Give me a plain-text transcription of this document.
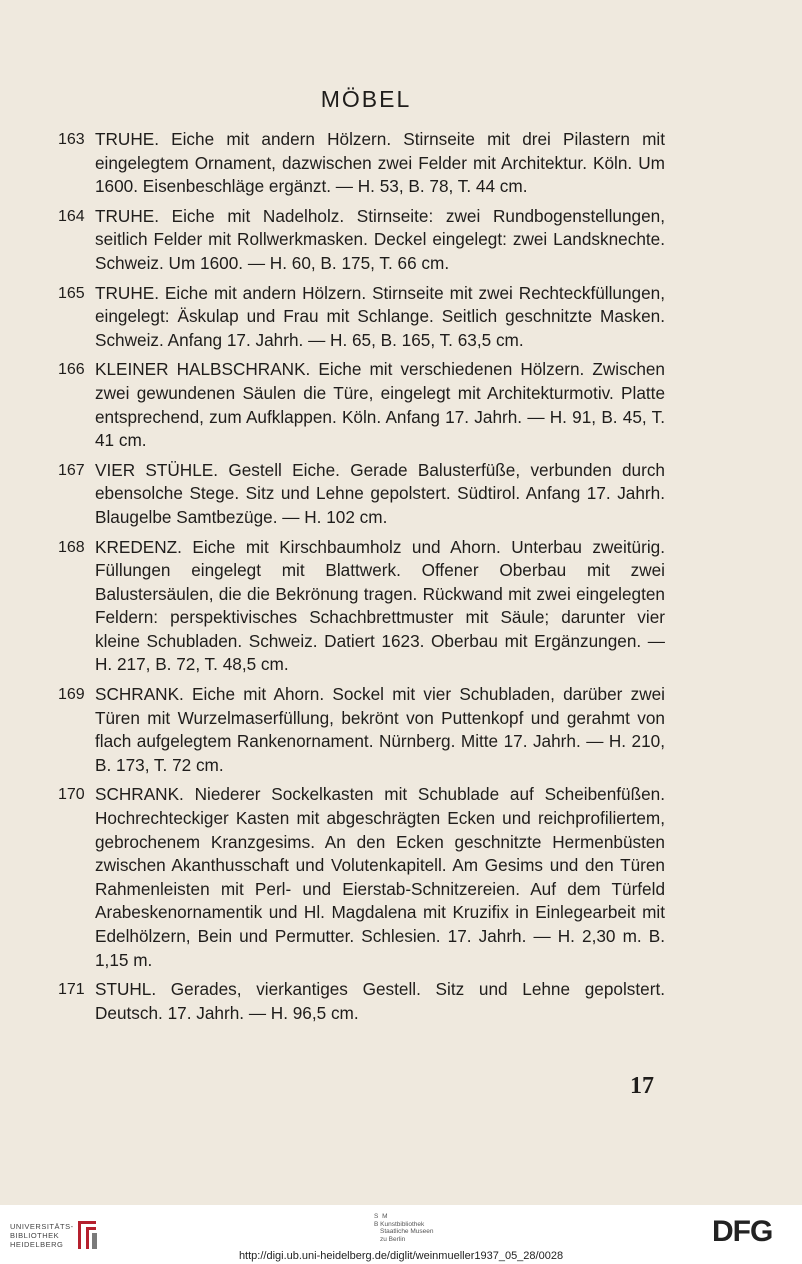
MÖBEL
163 TRUHE. Eiche mit andern Hölzern. Stirnseite mit drei Pilastern mit eingelegtem Ornament, dazwischen zwei Felder mit Architektur. Köln. Um 1600. Eisenbeschläge ergänzt. — H. 53, B. 78, T. 44 cm.
164 TRUHE. Eiche mit Nadelholz. Stirnseite: zwei Rundbogenstellungen, seitlich Felder mit Rollwerkmasken. Deckel eingelegt: zwei Landsknechte. Schweiz. Um 1600. — H. 60, B. 175, T. 66 cm.
165 TRUHE. Eiche mit andern Hölzern. Stirnseite mit zwei Rechteckfüllungen, eingelegt: Äskulap und Frau mit Schlange. Seitlich geschnitzte Masken. Schweiz. Anfang 17. Jahrh. — H. 65, B. 165, T. 63,5 cm.
166 KLEINER HALBSCHRANK. Eiche mit verschiedenen Hölzern. Zwischen zwei gewundenen Säulen die Türe, eingelegt mit Architekturmotiv. Platte entsprechend, zum Aufklappen. Köln. Anfang 17. Jahrh. — H. 91, B. 45, T. 41 cm.
167 VIER STÜHLE. Gestell Eiche. Gerade Balusterfüße, verbunden durch ebensolche Stege. Sitz und Lehne gepolstert. Südtirol. Anfang 17. Jahrh. Blaugelbe Samtbezüge. — H. 102 cm.
168 KREDENZ. Eiche mit Kirschbaumholz und Ahorn. Unterbau zweitürig. Füllungen eingelegt mit Blattwerk. Offener Oberbau mit zwei Balustersäulen, die die Bekrönung tragen. Rückwand mit zwei eingelegten Feldern: perspektivisches Schachbrettmuster mit Säule; darunter vier kleine Schubladen. Schweiz. Datiert 1623. Oberbau mit Ergänzungen. — H. 217, B. 72, T. 48,5 cm.
169 SCHRANK. Eiche mit Ahorn. Sockel mit vier Schubladen, darüber zwei Türen mit Wurzelmaserfüllung, bekrönt von Puttenkopf und gerahmt von flach aufgelegtem Rankenornament. Nürnberg. Mitte 17. Jahrh. — H. 210, B. 173, T. 72 cm.
170 SCHRANK. Niederer Sockelkasten mit Schublade auf Scheibenfüßen. Hochrechteckiger Kasten mit abgeschrägten Ecken und reichprofiliertem, gebrochenem Kranzgesims. An den Ecken geschnitzte Hermenbüsten zwischen Akanthusschaft und Volutenkapitell. Am Gesims und den Türen Rahmenleisten mit Perl- und Eierstab-Schnitzereien. Auf dem Türfeld Arabeskenornamentik und Hl. Magdalena mit Kruzifix in Einlegearbeit mit Edelhölzern, Bein und Permutter. Schlesien. 17. Jahrh. — H. 2,30 m. B. 1,15 m.
171 STUHL. Gerades, vierkantiges Gestell. Sitz und Lehne gepolstert. Deutsch. 17. Jahrh. — H. 96,5 cm.
17
UNIVERSITÄTS-
BIBLIOTHEK
HEIDELBERG
S M
B Kunstbibliothek
Staatliche Museen
zu Berlin	DFG
http://digi.ub.uni-heidelberg.de/diglit/weinmueller1937_05_28/0028
